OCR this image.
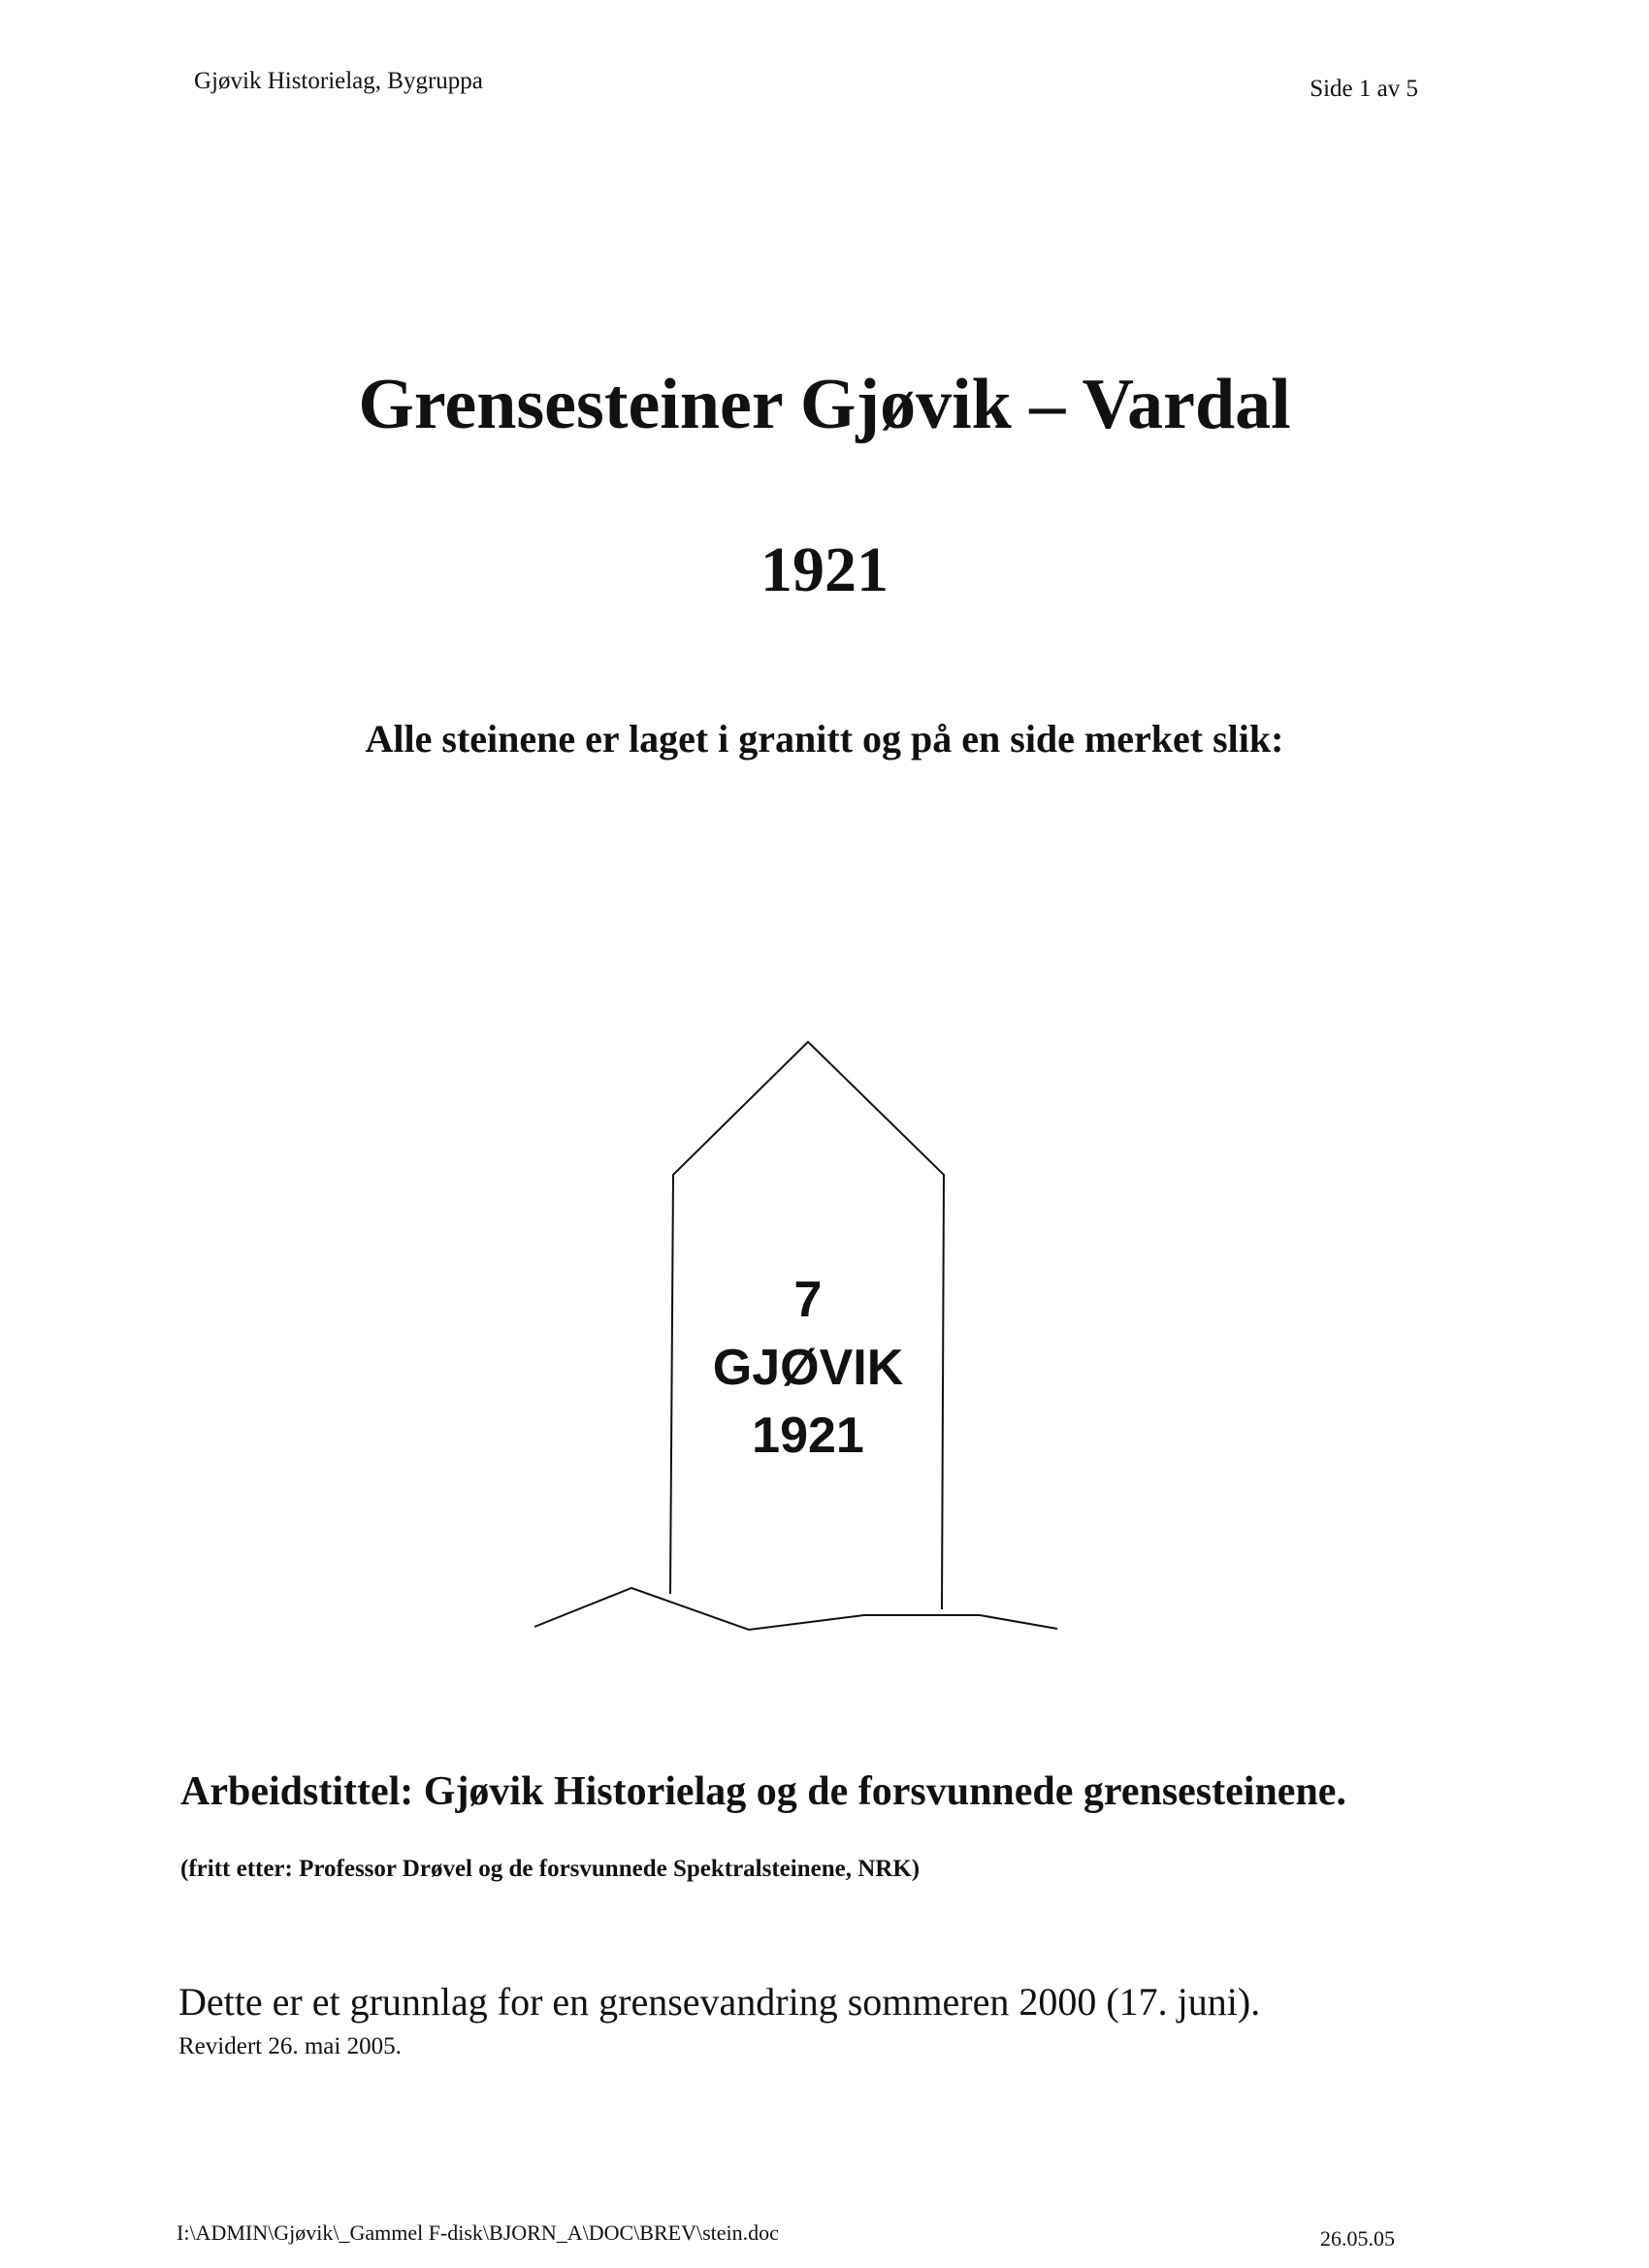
Gjøvik Historielag, Bygruppa	Side 1 av 5
Grensesteiner Gjøvik – Vardal
1921
Alle steinene er laget i granitt og på en side merket slik:
7
GJØVIK
1921
Arbeidstittel: Gjøvik Historielag og de forsvunnede grensesteinene.
(fritt etter: Professor Drøvel og de forsvunnede Spektralsteinene, NRK)
Dette er et grunnlag for en grensevandring sommeren 2000 (17. juni).
Revidert 26. mai 2005.
I:\ADMIN\Gjøvik\_Gammel F-disk\BJORN_A\DOC\BREV\stein.doc	26.05.05
